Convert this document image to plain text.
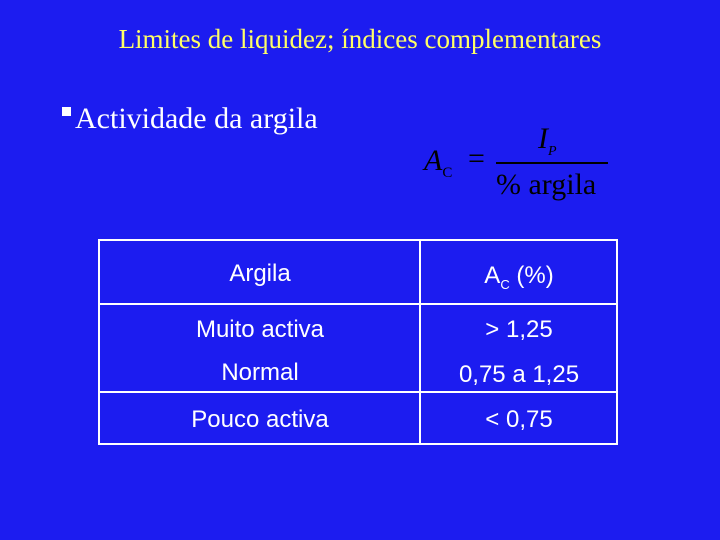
Limites de liquidez; índices complementares
Actividade da argila
$A_C$ =
$I_P$
% argila
Argila	$A_C$ (%)
Muito activa	> 1,25
Normal	0,75 a 1,25
Pouco activa	< 0,75
